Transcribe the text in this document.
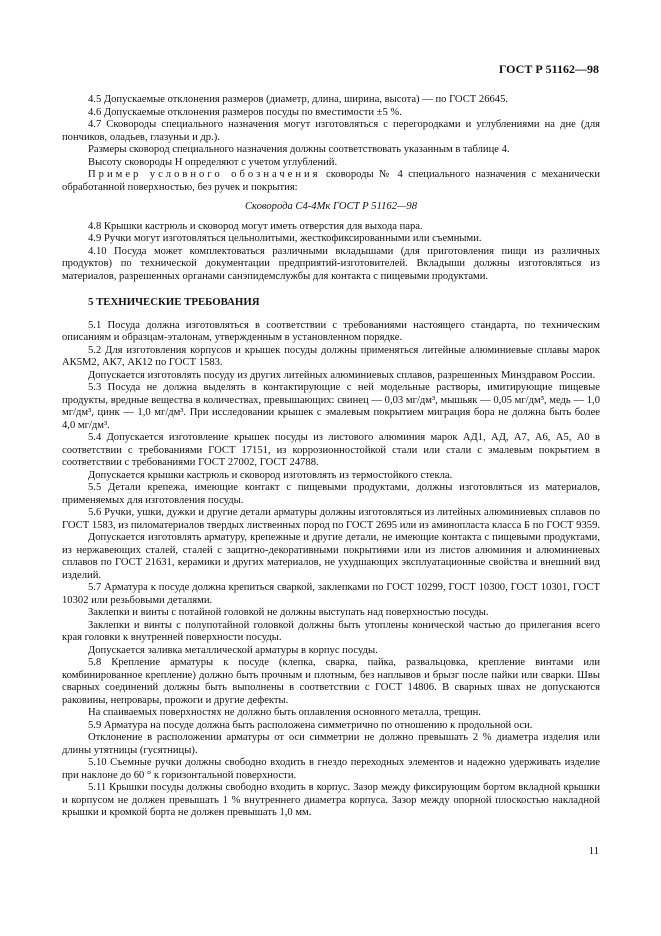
ГОСТ Р 51162—98

4.5 Допускаемые отклонения размеров (диаметр, длина, ширина, высота) — по ГОСТ 26645.

4.6 Допускаемые отклонения размеров посуды по вместимости ±5 %.

4.7 Сковороды специального назначения могут изготовляться с перегородками и углублениями на дне (для пончиков, оладьев, глазуньи и др.).

Размеры сковород специального назначения должны соответствовать указанным в таблице 4.

Высоту сковороды H определяют с учетом углублений.

Пример условного обозначения сковороды № 4 специального назначения с механически обработанной поверхностью, без ручек и покрытия:

Сковорода С4-4Мк ГОСТ Р 51162—98

4.8 Крышки кастрюль и сковород могут иметь отверстия для выхода пара.

4.9 Ручки могут изготовляться цельнолитыми, жесткофиксированными или съемными.

4.10 Посуда может комплектоваться различными вкладышами (для приготовления пищи из различных продуктов) по технической документации предприятий-изготовителей. Вкладыши должны изготовляться из материалов, разрешенных органами санэпидемслужбы для контакта с пищевыми продуктами.

5 ТЕХНИЧЕСКИЕ ТРЕБОВАНИЯ

5.1 Посуда должна изготовляться в соответствии с требованиями настоящего стандарта, по техническим описаниям и образцам-эталонам, утвержденным в установленном порядке.

5.2 Для изготовления корпусов и крышек посуды должны применяться литейные алюминиевые сплавы марок АК5М2, АК7, АК12 по ГОСТ 1583.

Допускается изготовлять посуду из других литейных алюминиевых сплавов, разрешенных Минздравом России.

5.3 Посуда не должна выделять в контактирующие с ней модельные растворы, имитирующие пищевые продукты, вредные вещества в количествах, превышающих: свинец — 0,03 мг/дм³, мышьяк — 0,05 мг/дм³, медь — 1,0 мг/дм³, цинк — 1,0 мг/дм³. При исследовании крышек с эмалевым покрытием миграция бора не должна быть более 4,0 мг/дм³.

5.4 Допускается изготовление крышек посуды из листового алюминия марок АД1, АД, А7, А6, А5, А0 в соответствии с требованиями ГОСТ 17151, из коррозионностойкой стали или стали с эмалевым покрытием в соответствии с требованиями ГОСТ 27002, ГОСТ 24788.

Допускается крышки кастрюль и сковород изготовлять из термостойкого стекла.

5.5 Детали крепежа, имеющие контакт с пищевыми продуктами, должны изготовляться из материалов, применяемых для изготовления посуды.

5.6 Ручки, ушки, дужки и другие детали арматуры должны изготовляться из литейных алюминиевых сплавов по ГОСТ 1583, из пиломатериалов твердых лиственных пород по ГОСТ 2695 или из аминопласта класса Б по ГОСТ 9359.

Допускается изготовлять арматуру, крепежные и другие детали, не имеющие контакта с пищевыми продуктами, из нержавеющих сталей, сталей с защитно-декоративными покрытиями или из листов алюминия и алюминиевых сплавов по ГОСТ 21631, керамики и других материалов, не ухудшающих эксплуатационные свойства и внешний вид изделий.

5.7 Арматура к посуде должна крепиться сваркой, заклепками по ГОСТ 10299, ГОСТ 10300, ГОСТ 10301, ГОСТ 10302 или резьбовыми деталями.

Заклепки и винты с потайной головкой не должны выступать над поверхностью посуды.

Заклепки и винты с полупотайной головкой должны быть утоплены конической частью до прилегания всего края головки к внутренней поверхности посуды.

Допускается заливка металлической арматуры в корпус посуды.

5.8 Крепление арматуры к посуде (клепка, сварка, пайка, развальцовка, крепление винтами или комбинированное крепление) должно быть прочным и плотным, без наплывов и брызг после пайки или сварки. Швы сварных соединений должны быть выполнены в соответствии с ГОСТ 14806. В сварных швах не допускаются раковины, непровары, прожоги и другие дефекты.

На спаиваемых поверхностях не должно быть оплавления основного металла, трещин.

5.9 Арматура на посуде должна быть расположена симметрично по отношению к продольной оси.

Отклонение в расположении арматуры от оси симметрии не должно превышать 2 % диаметра изделия или длины утятницы (гусятницы).

5.10 Съемные ручки должны свободно входить в гнездо переходных элементов и надежно удерживать изделие при наклоне до 60 ° к горизонтальной поверхности.

5.11 Крышки посуды должны свободно входить в корпус. Зазор между фиксирующим бортом вкладной крышки и корпусом не должен превышать 1 % внутреннего диаметра корпуса. Зазор между опорной плоскостью накладной крышки и кромкой борта не должен превышать 1,0 мм.

11
